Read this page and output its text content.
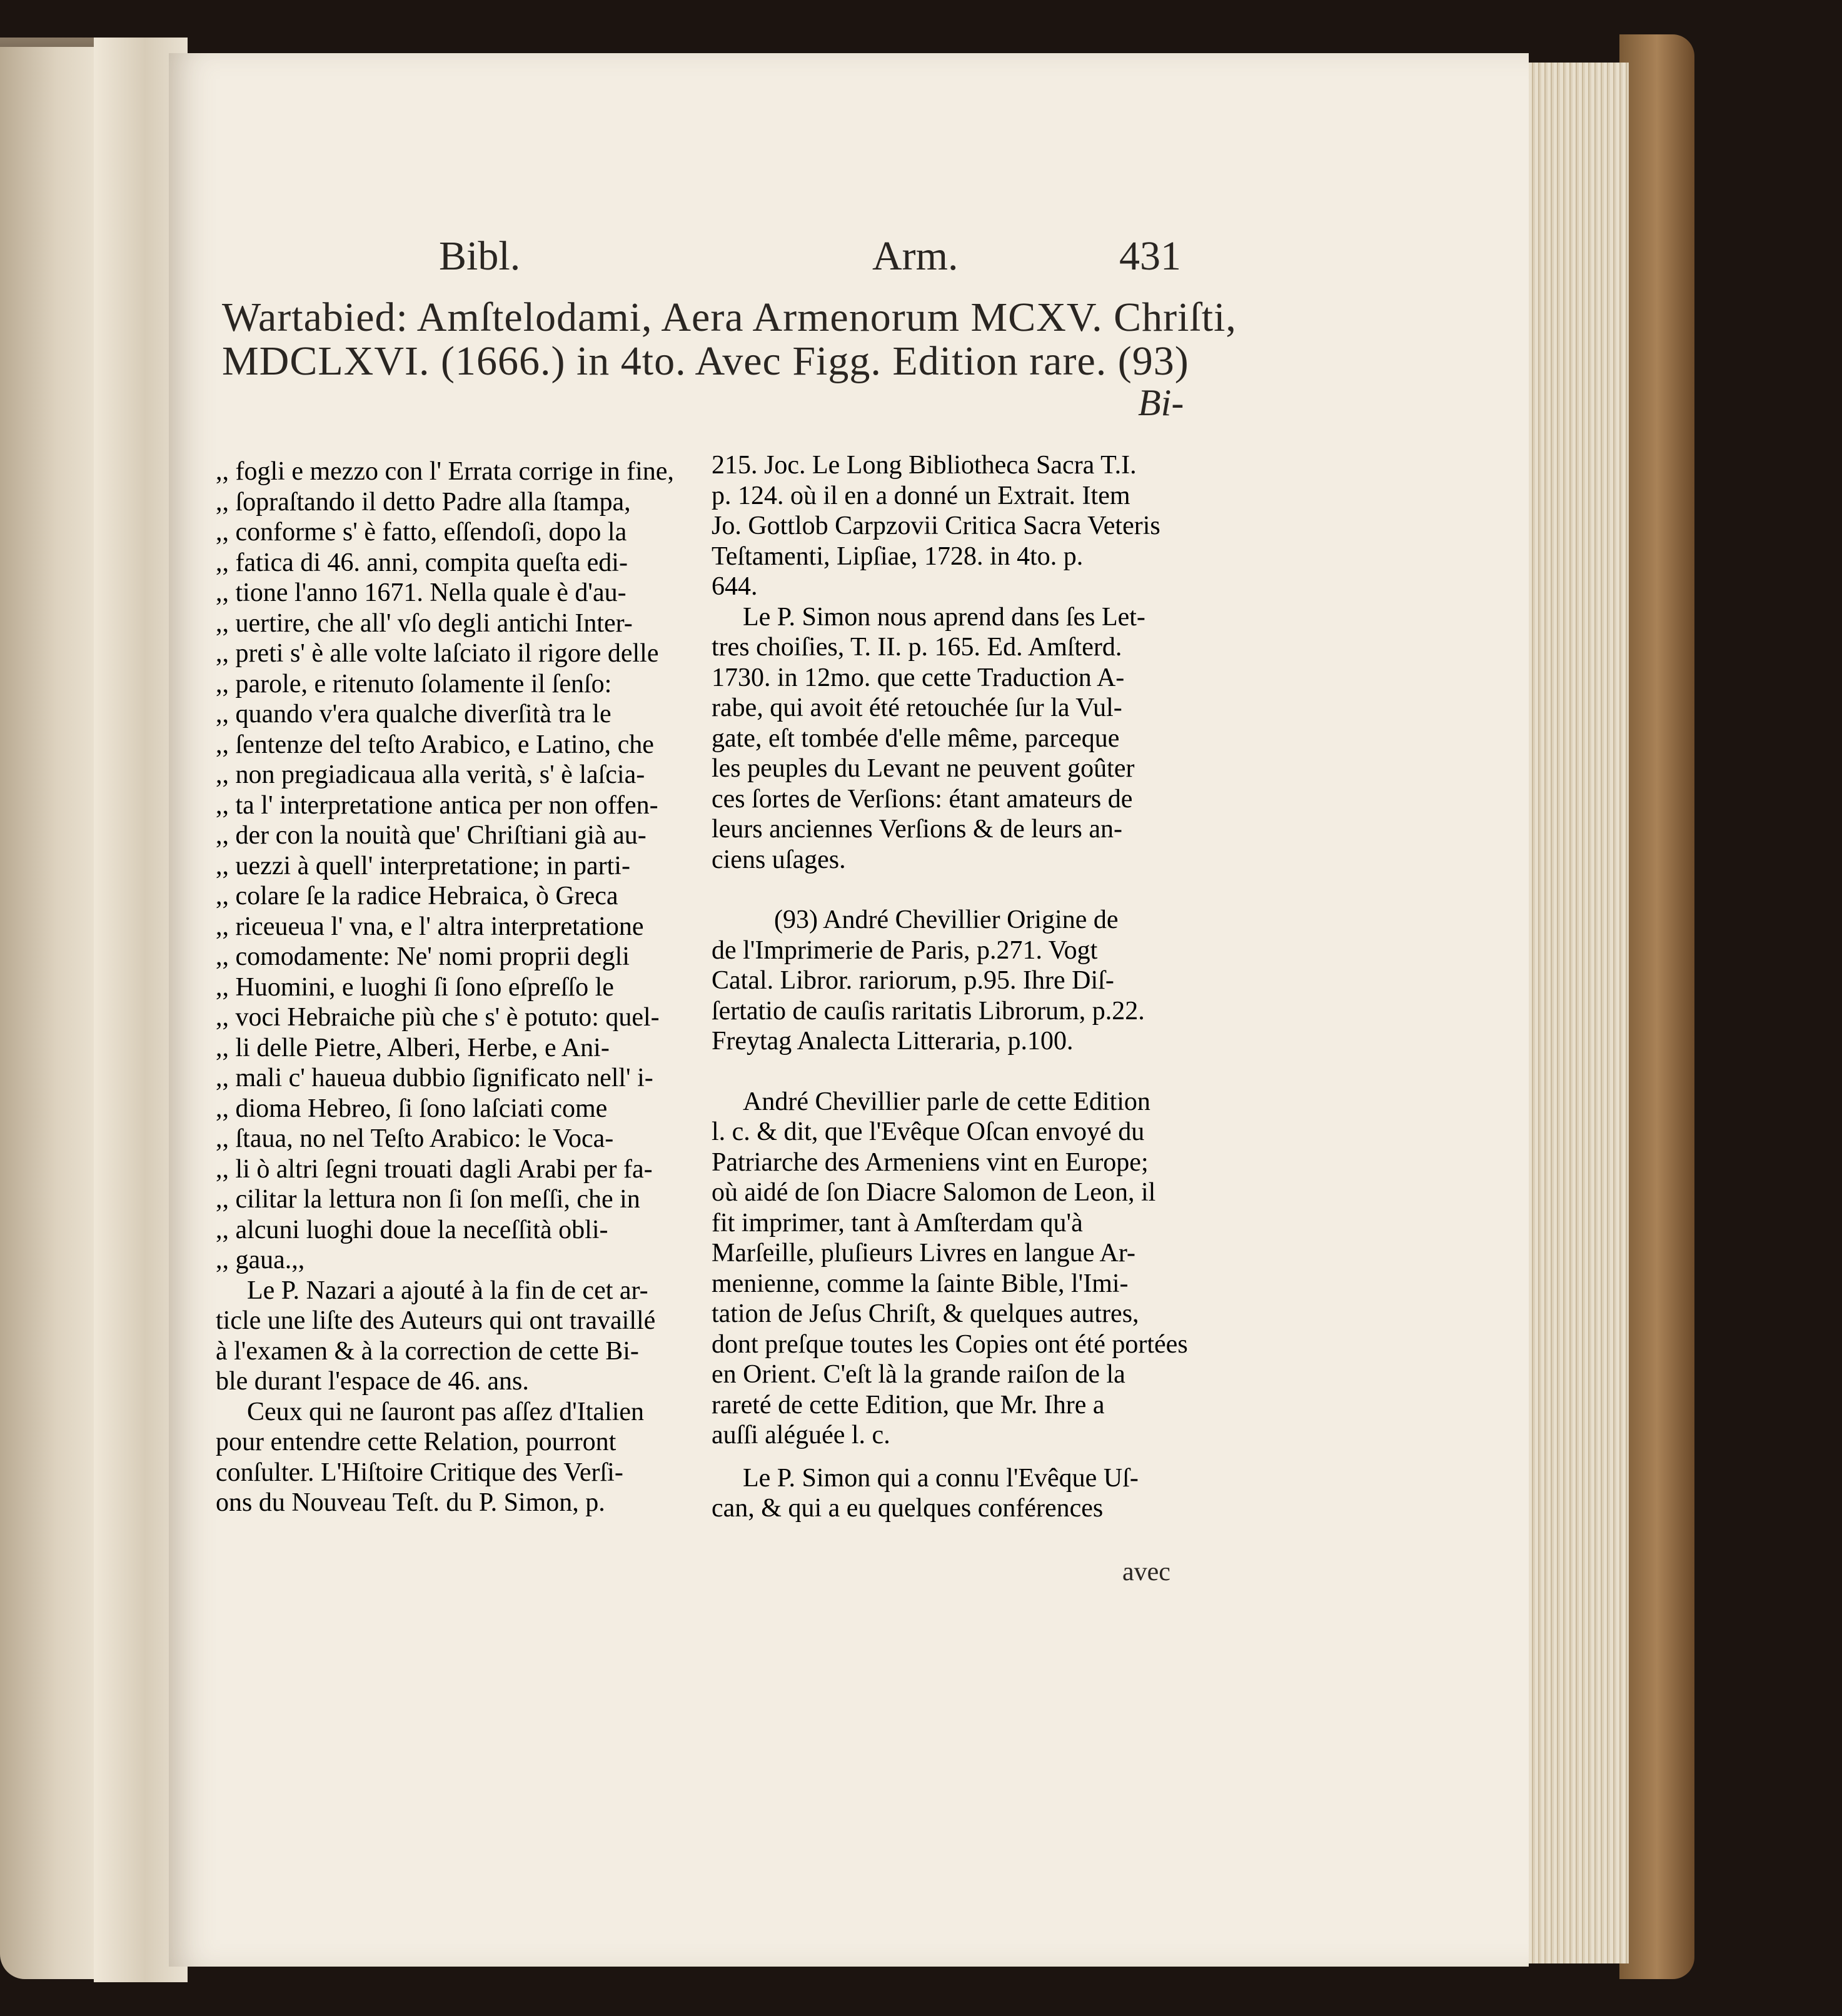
Bibl.	Arm.	431
Wartabied: Amſtelodami, Aera Armenorum MCXV. Chriſti,
MDCLXVI. (1666.) in 4to. Avec Figg. Edition rare. (93)
Bi-
,, fogli e mezzo con l' Errata corrige in fine,
,, ſopraſtando il detto Padre alla ſtampa,
,, conforme s' è fatto, eſſendoſi, dopo la
,, fatica di 46. anni, compita queſta edi-
,, tione l'anno 1671. Nella quale è d'au-
,, uertire, che all' vſo degli antichi Inter-
,, preti s' è alle volte laſciato il rigore delle
,, parole, e ritenuto ſolamente il ſenſo:
,, quando v'era qualche diverſità tra le
,, ſentenze del teſto Arabico, e Latino, che
,, non pregiadicaua alla verità, s' è laſcia-
,, ta l' interpretatione antica per non offen-
,, der con la nouità que' Chriſtiani già au-
,, uezzi à quell' interpretatione; in parti-
,, colare ſe la radice Hebraica, ò Greca
,, riceueua l' vna, e l' altra interpretatione
,, comodamente: Ne' nomi proprii degli
,, Huomini, e luoghi ſi ſono eſpreſſo le
,, voci Hebraiche più che s' è potuto: quel-
,, li delle Pietre, Alberi, Herbe, e Ani-
,, mali c' haueua dubbio ſignificato nell' i-
,, dioma Hebreo, ſi ſono laſciati come
,, ſtaua, no nel Teſto Arabico: le Voca-
,, li ò altri ſegni trouati dagli Arabi per fa-
,, cilitar la lettura non ſi ſon meſſi, che in
,, alcuni luoghi doue la neceſſità obli-
,, gaua.,,
Le P. Nazari a ajouté à la fin de cet ar-
ticle une liſte des Auteurs qui ont travaillé
à l'examen & à la correction de cette Bi-
ble durant l'espace de 46. ans.
Ceux qui ne ſauront pas aſſez d'Italien
pour entendre cette Relation, pourront
conſulter. L'Hiſtoire Critique des Verſi-
ons du Nouveau Teſt. du P. Simon, p.
215. Joc. Le Long Bibliotheca Sacra T.I.
p. 124. où il en a donné un Extrait. Item
Jo. Gottlob Carpzovii Critica Sacra Veteris
Teſtamenti, Lipſiae, 1728. in 4to. p.
644.
Le P. Simon nous aprend dans ſes Let-
tres choiſies, T. II. p. 165. Ed. Amſterd.
1730. in 12mo. que cette Traduction A-
rabe, qui avoit été retouchée ſur la Vul-
gate, eſt tombée d'elle même, parceque
les peuples du Levant ne peuvent goûter
ces ſortes de Verſions: étant amateurs de
leurs anciennes Verſions & de leurs an-
ciens uſages.
(93) André Chevillier Origine de
de l'Imprimerie de Paris, p.271. Vogt
Catal. Libror. rariorum, p.95. Ihre Diſ-
ſertatio de cauſis raritatis Librorum, p.22.
Freytag Analecta Litteraria, p.100.
André Chevillier parle de cette Edition
l. c. & dit, que l'Evêque Oſcan envoyé du
Patriarche des Armeniens vint en Europe;
où aidé de ſon Diacre Salomon de Leon, il
fit imprimer, tant à Amſterdam qu'à
Marſeille, pluſieurs Livres en langue Ar-
menienne, comme la ſainte Bible, l'Imi-
tation de Jeſus Chriſt, & quelques autres,
dont preſque toutes les Copies ont été portées
en Orient. C'eſt là la grande raiſon de la
rareté de cette Edition, que Mr. Ihre a
auſſi aléguée l. c.
Le P. Simon qui a connu l'Evêque Uſ-
can, & qui a eu quelques conférences
avec
